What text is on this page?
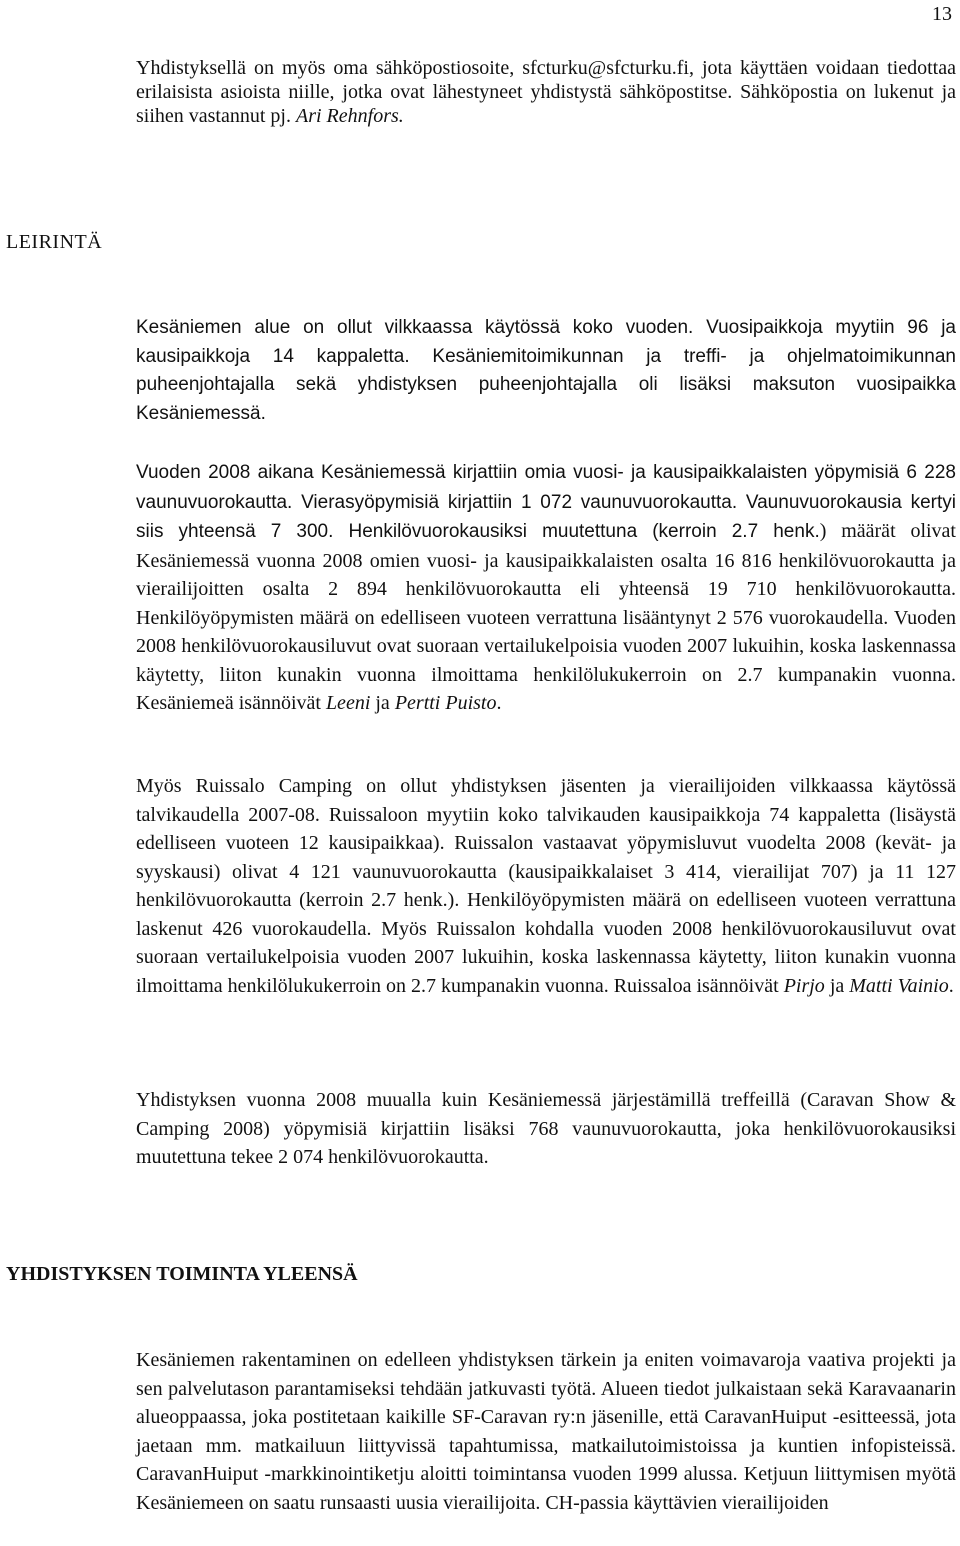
13

Yhdistyksellä on myös oma sähköpostiosoite, sfcturku@sfcturku.fi, jota käyttäen voidaan tiedottaa erilaisista asioista niille, jotka ovat lähestyneet yhdistystä sähköpostitse. Sähköpostia on lukenut ja siihen vastannut pj. Ari Rehnfors.

LEIRINTÄ

Kesäniemen alue on ollut vilkkaassa käytössä koko vuoden. Vuosipaikkoja myytiin 96 ja kausipaikkoja 14 kappaletta. Kesäniemitoimikunnan ja treffi- ja ohjelmatoimikunnan puheenjohtajalla sekä yhdistyksen puheenjohtajalla oli lisäksi maksuton vuosipaikka Kesäniemessä.

Vuoden 2008 aikana Kesäniemessä kirjattiin omia vuosi- ja kausipaikkalaisten yöpymisiä 6 228 vaunuvuorokautta. Vierasyöpymisiä kirjattiin 1 072 vaunuvuorokautta. Vaunuvuorokausia kertyi siis yhteensä 7 300. Henkilövuorokausiksi muutettuna (kerroin 2.7 henk.) määrät olivat Kesäniemessä vuonna 2008 omien vuosi- ja kausipaikkalaisten osalta 16 816 henkilövuorokautta ja vierailijoitten osalta 2 894 henkilövuorokautta eli yhteensä 19 710 henkilövuorokautta. Henkilöyöpymisten määrä on edelliseen vuoteen verrattuna lisääntynyt 2 576 vuorokaudella. Vuoden 2008 henkilövuorokausiluvut ovat suoraan vertailukelpoisia vuoden 2007 lukuihin, koska laskennassa käytetty, liiton kunakin vuonna ilmoittama henkilölukukerroin on 2.7 kumpanakin vuonna. Kesäniemeä isännöivät Leeni ja Pertti Puisto.

Myös Ruissalo Camping on ollut yhdistyksen jäsenten ja vierailijoiden vilkkaassa käytössä talvikaudella 2007-08. Ruissaloon myytiin koko talvikauden kausipaikkoja 74 kappaletta (lisäystä edelliseen vuoteen 12 kausipaikkaa). Ruissalon vastaavat yöpymisluvut vuodelta 2008 (kevät- ja syyskausi) olivat 4 121 vaunuvuorokautta (kausipaikkalaiset 3 414, vierailijat 707) ja 11 127 henkilövuorokautta (kerroin 2.7 henk.). Henkilöyöpymisten määrä on edelliseen vuoteen verrattuna laskenut 426 vuorokaudella. Myös Ruissalon kohdalla vuoden 2008 henkilövuorokausiluvut ovat suoraan vertailukelpoisia vuoden 2007 lukuihin, koska laskennassa käytetty, liiton kunakin vuonna ilmoittama henkilölukukerroin on 2.7 kumpanakin vuonna. Ruissaloa isännöivät Pirjo ja Matti Vainio.

Yhdistyksen vuonna 2008 muualla kuin Kesäniemessä järjestämillä treffeillä (Caravan Show & Camping 2008) yöpymisiä kirjattiin lisäksi 768 vaunuvuorokautta, joka henkilövuorokausiksi muutettuna tekee 2 074 henkilövuorokautta.

YHDISTYKSEN TOIMINTA YLEENSÄ

Kesäniemen rakentaminen on edelleen yhdistyksen tärkein ja eniten voimavaroja vaativa projekti ja sen palvelutason parantamiseksi tehdään jatkuvasti työtä. Alueen tiedot julkaistaan sekä Karavaanarin alueoppaassa, joka postitetaan kaikille SF-Caravan ry:n jäsenille, että CaravanHuiput -esitteessä, jota jaetaan mm. matkailuun liittyvissä tapahtumissa, matkailutoimistoissa ja kuntien infopisteissä. CaravanHuiput -markkinointiketju aloitti toimintansa vuoden 1999 alussa. Ketjuun liittymisen myötä Kesäniemeen on saatu runsaasti uusia vierailijoita. CH-passia käyttävien vierailijoiden
